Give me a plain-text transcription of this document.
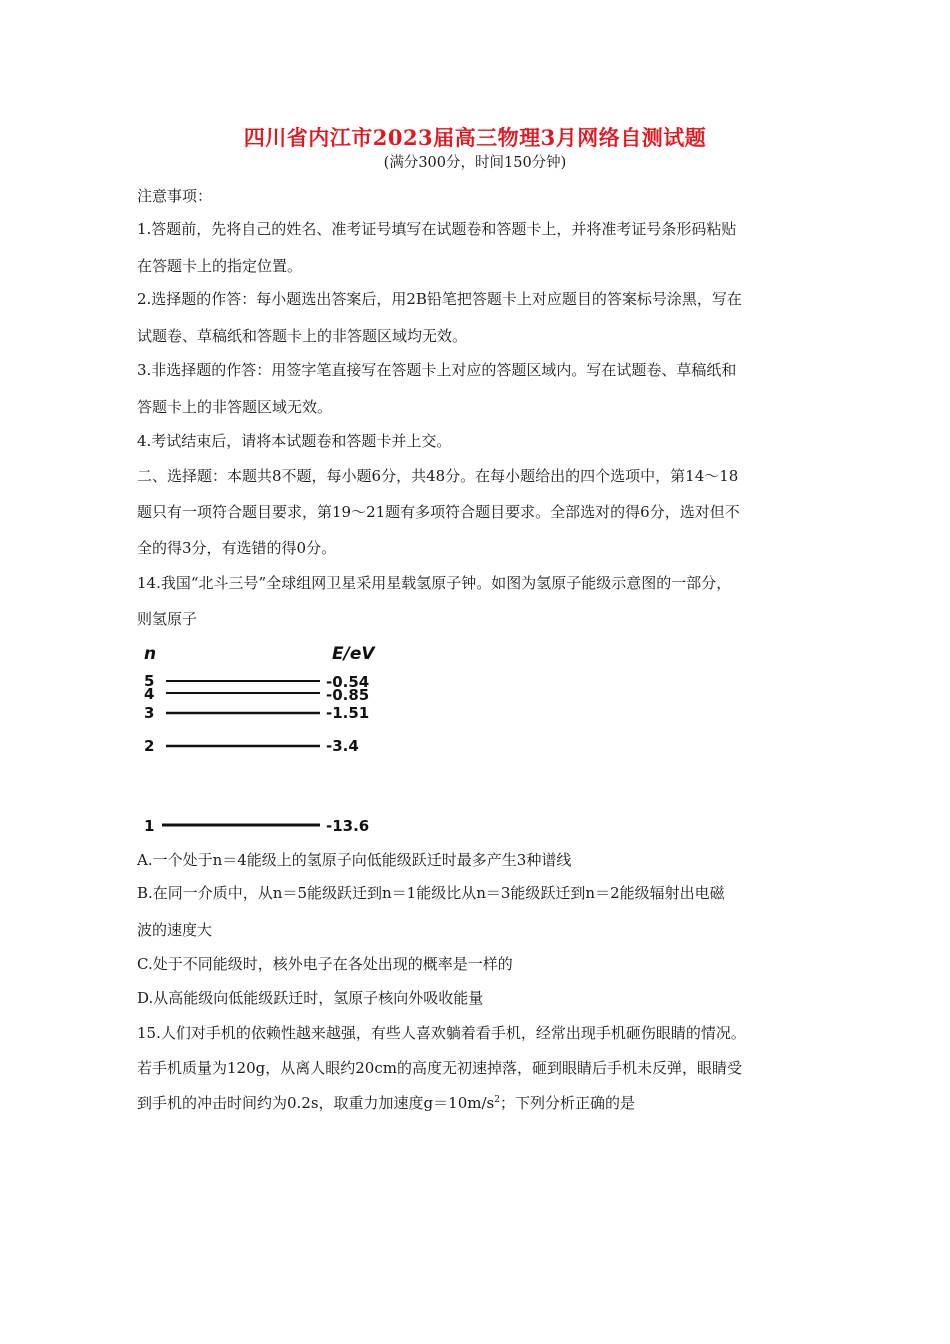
四川省内江市2023届高三物理3月网络自测试题
(满分300分，时间150分钟)
注意事项：
1.答题前，先将自己的姓名、准考证号填写在试题卷和答题卡上，并将准考证号条形码粘贴
在答题卡上的指定位置。
2.选择题的作答：每小题选出答案后，用2B铅笔把答题卡上对应题目的答案标号涂黑，写在
试题卷、草稿纸和答题卡上的非答题区域均无效。
3.非选择题的作答：用签字笔直接写在答题卡上对应的答题区域内。写在试题卷、草稿纸和
答题卡上的非答题区域无效。
4.考试结束后，请将本试题卷和答题卡并上交。
二、选择题：本题共8不题，每小题6分，共48分。在每小题给出的四个选项中，第14～18
题只有一项符合题目要求，第19～21题有多项符合题目要求。全部选对的得6分，选对但不
全的得3分，有选错的得0分。
14.我国“北斗三号”全球组网卫星采用星载氢原子钟。如图为氢原子能级示意图的一部分，
则氢原子
n	E/eV
5	-0.54
4	-0.85
3	-1.51
2	-3.4
1	-13.6
A.一个处于n＝4能级上的氢原子向低能级跃迁时最多产生3种谱线
B.在同一介质中，从n＝5能级跃迁到n＝1能级比从n＝3能级跃迁到n＝2能级辐射出电磁
波的速度大
C.处于不同能级时，核外电子在各处出现的概率是一样的
D.从高能级向低能级跃迁时，氢原子核向外吸收能量
15.人们对手机的依赖性越来越强，有些人喜欢躺着看手机，经常出现手机砸伤眼睛的情况。
若手机质量为120g，从离人眼约20cm的高度无初速掉落，砸到眼睛后手机未反弹，眼睛受
到手机的冲击时间约为0.2s，取重力加速度$g=10m/s^2$；下列分析正确的是
